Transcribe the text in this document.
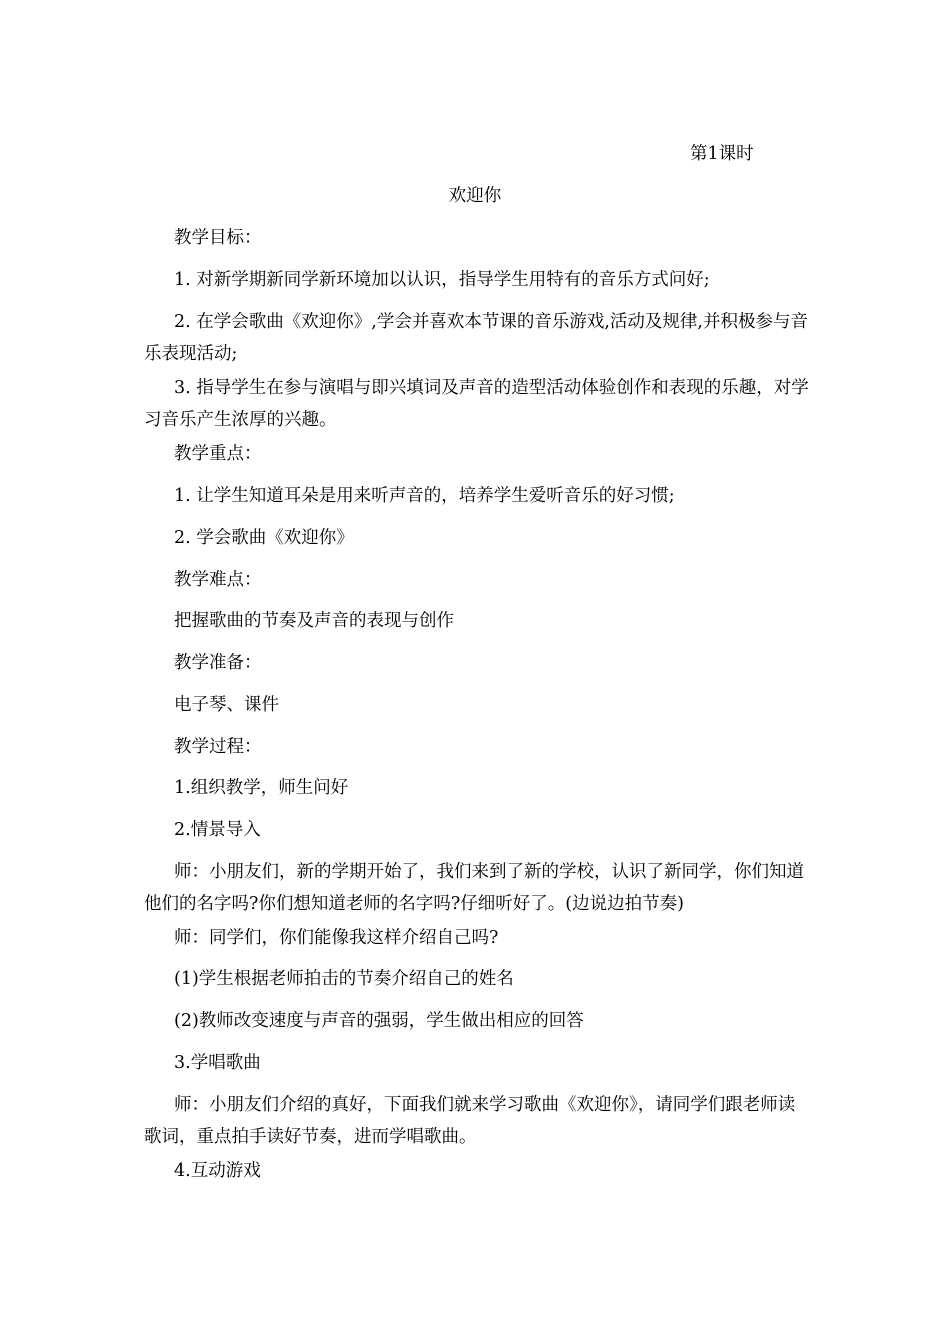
第1课时
欢迎你
教学目标：
1. 对新学期新同学新环境加以认识，指导学生用特有的音乐方式问好;
2. 在学会歌曲《欢迎你》,学会并喜欢本节课的音乐游戏,活动及规律,并积极参与音乐表现活动;
3. 指导学生在参与演唱与即兴填词及声音的造型活动体验创作和表现的乐趣，对学习音乐产生浓厚的兴趣。
教学重点：
1. 让学生知道耳朵是用来听声音的，培养学生爱听音乐的好习惯;
2. 学会歌曲《欢迎你》
教学难点：
把握歌曲的节奏及声音的表现与创作
教学准备：
电子琴、课件
教学过程：
1.组织教学，师生问好
2.情景导入
师：小朋友们，新的学期开始了，我们来到了新的学校，认识了新同学，你们知道他们的名字吗?你们想知道老师的名字吗?仔细听好了。(边说边拍节奏)
师：同学们，你们能像我这样介绍自己吗?
(1)学生根据老师拍击的节奏介绍自己的姓名
(2)教师改变速度与声音的强弱，学生做出相应的回答
3.学唱歌曲
师：小朋友们介绍的真好，下面我们就来学习歌曲《欢迎你》，请同学们跟老师读歌词，重点拍手读好节奏，进而学唱歌曲。
4.互动游戏
